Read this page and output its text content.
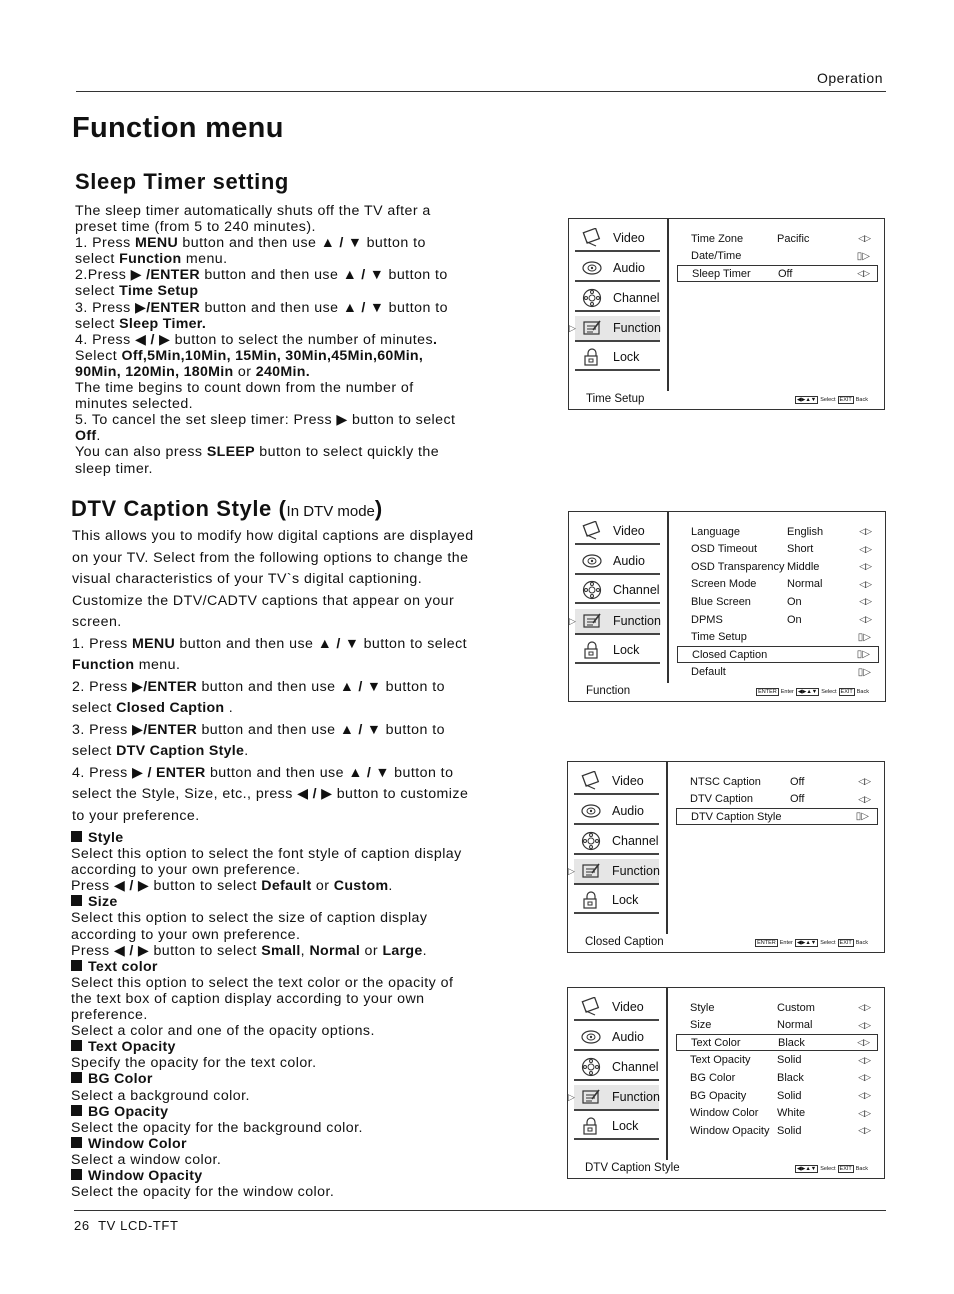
Operation
Function menu
Sleep Timer setting
The sleep timer automatically shuts off the TV after a
preset time (from 5 to 240 minutes).
1. Press MENU button and then use ▲ / ▼ button to
select Function menu.
2.Press ▶ /ENTER button and then use ▲ / ▼ button to
select Time Setup
3. Press ▶/ENTER button and then use ▲ / ▼ button to
select Sleep Timer.
4. Press ◀ / ▶ button to select the number of minutes.
Select Off,5Min,10Min, 15Min, 30Min,45Min,60Min,
90Min, 120Min, 180Min or 240Min.
The time begins to count down from the number of
minutes selected.
5. To cancel the set sleep timer: Press ▶ button to select
Off.
You can also press SLEEP button to select quickly the
sleep timer.
DTV Caption Style (In DTV mode)
This allows you to modify how digital captions are displayed
on your TV. Select from the following options to change the
visual characteristics of your TV`s digital captioning.
Customize the DTV/CADTV captions that appear on your
screen.
1. Press MENU button and then use ▲ / ▼ button to select
Function menu.
2. Press ▶/ENTER button and then use ▲ / ▼ button to
select Closed Caption .
3. Press ▶/ENTER button and then use ▲ / ▼ button to
select DTV Caption Style.
4. Press ▶ / ENTER button and then use ▲ / ▼ button to
select the Style, Size, etc., press ◀ / ▶ button to customize
to your preference.
Style
Select this option to select the font style of caption display
according to your own preference.
Press ◀ / ▶ button to select Default or Custom.
Size
Select this option to select the size of caption display
according to your own preference.
Press ◀ / ▶ button to select Small, Normal or Large.
Text color
Select this option to select the text color or the opacity of
the text box of caption display according to your own
preference.
Select a color and one of the opacity options.
Text Opacity
Specify the opacity for the text color.
BG Color
Select a background color.
BG Opacity
Select the opacity for the background color.
Window Color
Select a window color.
Window Opacity
Select the opacity for the window color.
Video
Audio
Channel
Function
▷
Lock
Time Zone	Pacific	◁▷
Date/Time	▯▷
Sleep Timer Off	◁▷
Time Setup	◀▶▲▼ Select EXIT Back
Video
Audio
Channel
Function
▷
Lock
Language	English	◁▷
OSD Timeout	Short	◁▷
OSD Transparency Middle	◁▷
Screen Mode	Normal	◁▷
Blue Screen	On	◁▷
DPMS	On	◁▷
Time Setup	▯▷
Closed Caption	▯▷
Default	▯▷
Function	ENTER Enter ◀▶▲▼ Select EXIT Back
Video
Audio
Channel
Function
▷
Lock
NTSC Caption	Off	◁▷
DTV Caption	Off	◁▷
DTV Caption Style	▯▷
Closed Caption	ENTER Enter ◀▶▲▼ Select EXIT Back
Video
Audio
Channel
Function
▷
Lock
Style	Custom	◁▷
Size	Normal	◁▷
Text Color	Black	◁▷
Text Opacity Solid	◁▷
BG Color	Black	◁▷
BG Opacity	Solid	◁▷
Window Color White	◁▷
Window Opacity Solid	◁▷
DTV Caption Style	◀▶▲▼ Select EXIT Back
26 TV LCD-TFT
